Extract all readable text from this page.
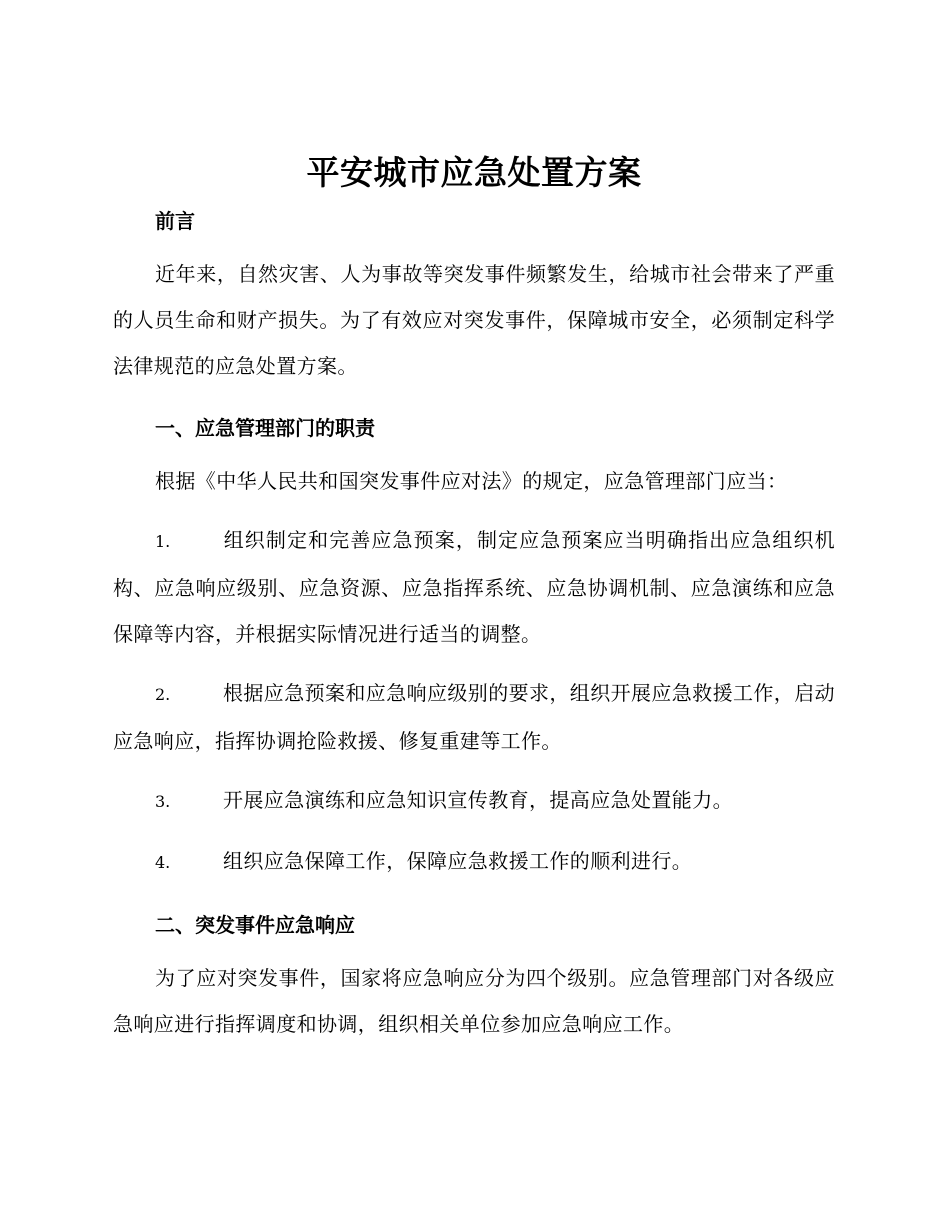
平安城市应急处置方案

前言

近年来，自然灾害、人为事故等突发事件频繁发生，给城市社会带来了严重的人员生命和财产损失。为了有效应对突发事件，保障城市安全，必须制定科学法律规范的应急处置方案。

一、应急管理部门的职责

根据《中华人民共和国突发事件应对法》的规定，应急管理部门应当：

1.	组织制定和完善应急预案，制定应急预案应当明确指出应急组织机构、应急响应级别、应急资源、应急指挥系统、应急协调机制、应急演练和应急保障等内容，并根据实际情况进行适当的调整。

2.	根据应急预案和应急响应级别的要求，组织开展应急救援工作，启动应急响应，指挥协调抢险救援、修复重建等工作。

3.	开展应急演练和应急知识宣传教育，提高应急处置能力。

4.	组织应急保障工作，保障应急救援工作的顺利进行。

二、突发事件应急响应

为了应对突发事件，国家将应急响应分为四个级别。应急管理部门对各级应急响应进行指挥调度和协调，组织相关单位参加应急响应工作。
